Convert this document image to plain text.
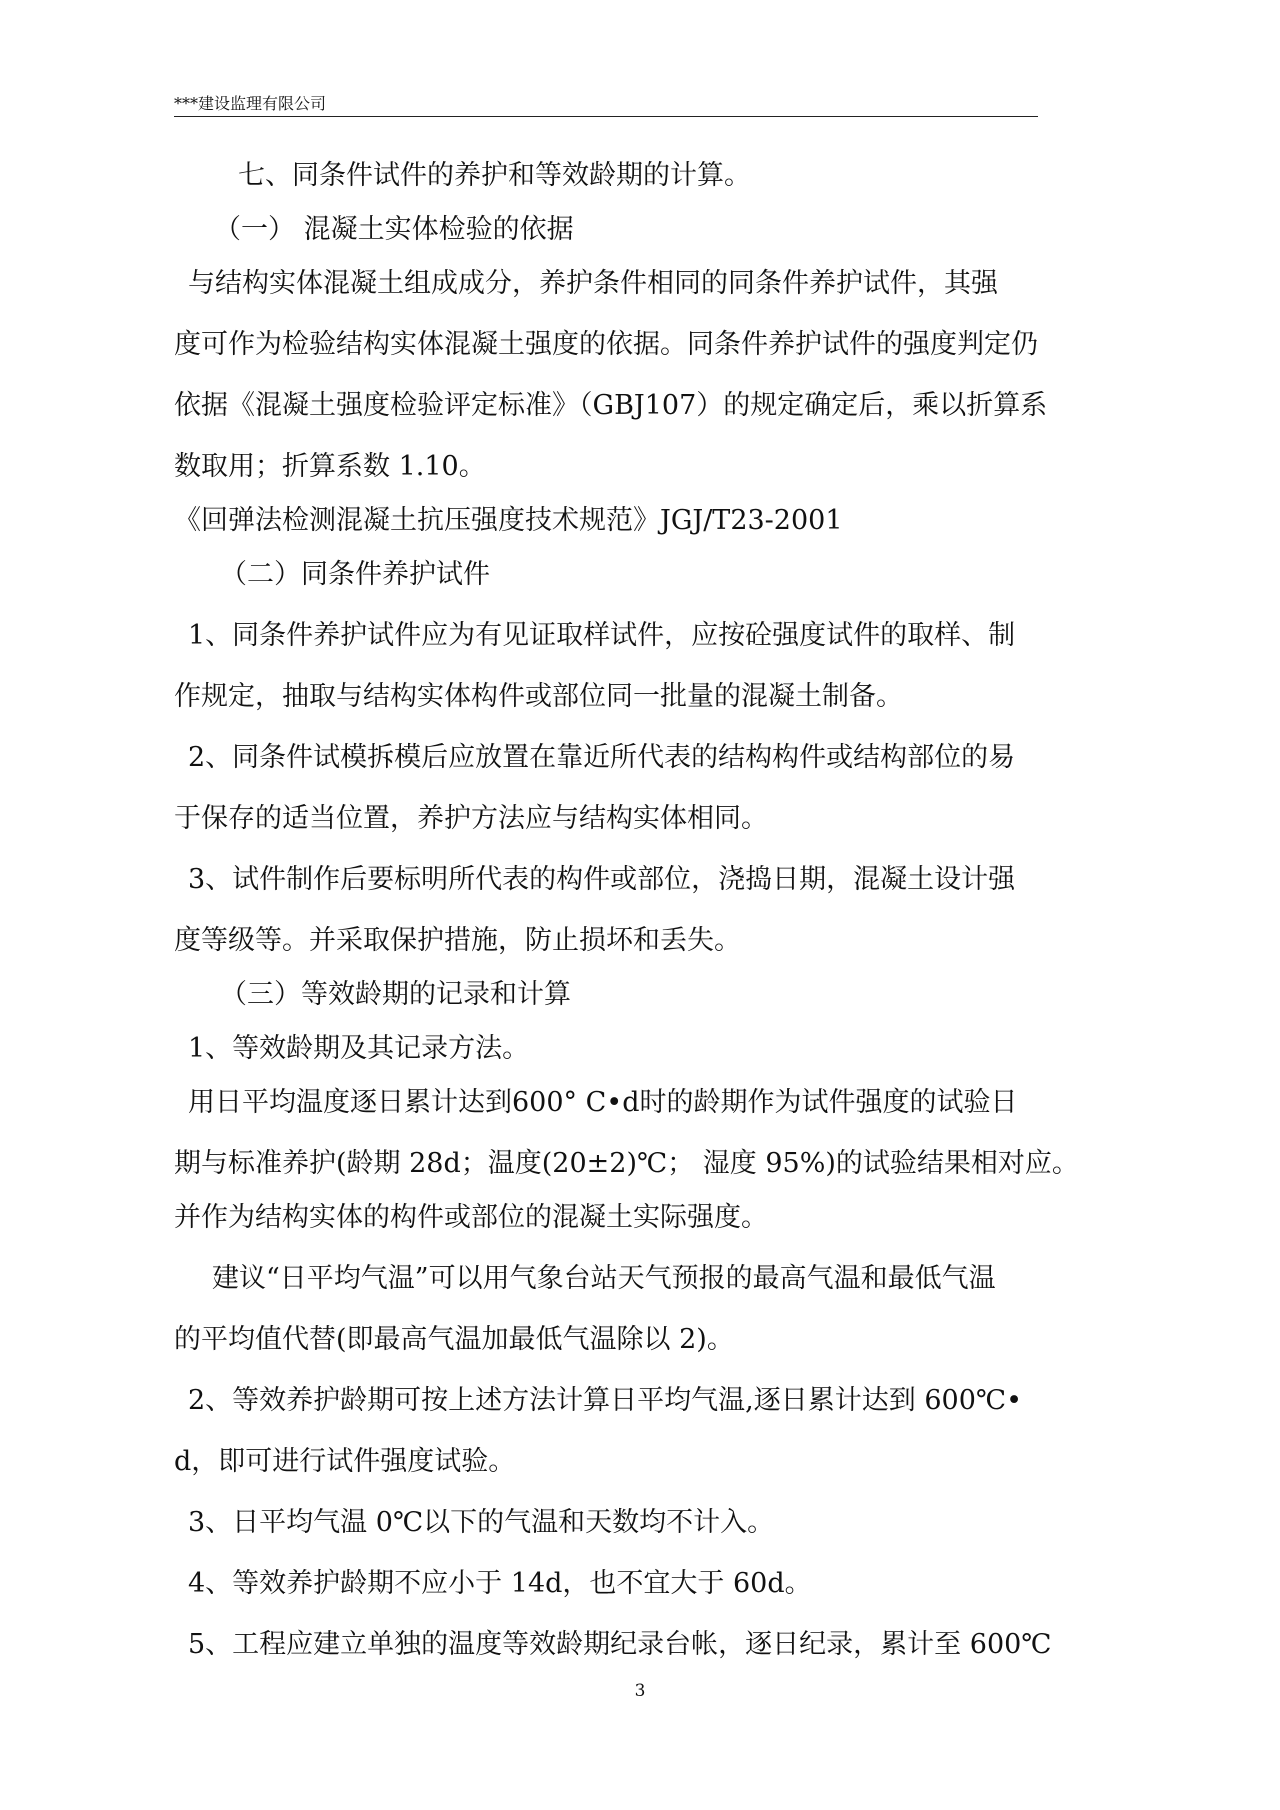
***建设监理有限公司

七、同条件试件的养护和等效龄期的计算。

（一） 混凝土实体检验的依据

与结构实体混凝土组成成分，养护条件相同的同条件养护试件，其强

度可作为检验结构实体混凝土强度的依据。同条件养护试件的强度判定仍

依据《混凝土强度检验评定标准》（GBJ107）的规定确定后，乘以折算系

数取用；折算系数 1.10。

《回弹法检测混凝土抗压强度技术规范》JGJ/T23-2001

（二）同条件养护试件

1、同条件养护试件应为有见证取样试件，应按砼强度试件的取样、制

作规定，抽取与结构实体构件或部位同一批量的混凝土制备。

2、同条件试模拆模后应放置在靠近所代表的结构构件或结构部位的易

于保存的适当位置，养护方法应与结构实体相同。

3、试件制作后要标明所代表的构件或部位，浇捣日期，混凝土设计强

度等级等。并采取保护措施，防止损坏和丢失。

（三）等效龄期的记录和计算

1、等效龄期及其记录方法。

用日平均温度逐日累计达到600° C•d时的龄期作为试件强度的试验日

期与标准养护(龄期 28d；温度(20±2)℃； 湿度 95%)的试验结果相对应。

并作为结构实体的构件或部位的混凝土实际强度。

建议“日平均气温”可以用气象台站天气预报的最高气温和最低气温

的平均值代替(即最高气温加最低气温除以 2)。

2、等效养护龄期可按上述方法计算日平均气温,逐日累计达到 600℃•

d，即可进行试件强度试验。

3、日平均气温 0℃以下的气温和天数均不计入。

4、等效养护龄期不应小于 14d，也不宜大于 60d。

5、工程应建立单独的温度等效龄期纪录台帐，逐日纪录，累计至 600℃

3
